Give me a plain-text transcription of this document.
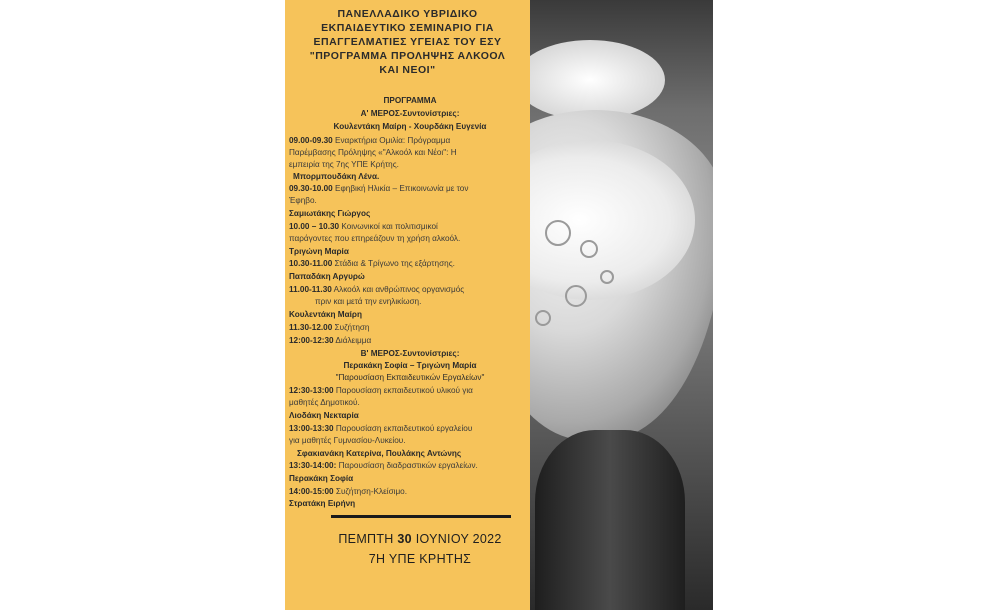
ΠΑΝΕΛΛΑΔΙΚΟ ΥΒΡΙΔΙΚΟ
ΕΚΠΑΙΔΕΥΤΙΚΟ ΣΕΜΙΝΑΡΙΟ ΓΙΑ
ΕΠΑΓΓΕΛΜΑΤΙΕΣ ΥΓΕΙΑΣ ΤΟΥ ΕΣΥ
"ΠΡΟΓΡΑΜΜΑ ΠΡΟΛΗΨΗΣ ΑΛΚΟΟΛ
ΚΑΙ ΝΕΟΙ"
ΠΡΟΓΡΑΜΜΑ
Α' ΜΕΡΟΣ-Συντονίστριες:
Κουλεντάκη Μαίρη - Χουρδάκη Ευγενία
09.00-09.30 Εναρκτήρια Ομιλία: Πρόγραμμα
Παρέμβασης Πρόληψης «"Αλκοόλ και Νέοι": Η
εμπειρία της 7ης ΥΠΕ Κρήτης.
Μπορμπουδάκη Λένα.
09.30-10.00 Εφηβική Ηλικία – Επικοινωνία με τον
Έφηβο.
Σαμιωτάκης Γιώργος
10.00 – 10.30 Κοινωνικοί και πολιτισμικοί
παράγοντες που επηρεάζουν τη χρήση αλκοόλ.
Τριγώνη Μαρία
10.30-11.00 Στάδια & Τρίγωνο της εξάρτησης.
Παπαδάκη Αργυρώ
11.00-11.30 Αλκοόλ και ανθρώπινος οργανισμός
πριν και μετά την ενηλικίωση.
Κουλεντάκη Μαίρη
11.30-12.00 Συζήτηση
12:00-12:30 Διάλειμμα
Β' ΜΕΡΟΣ-Συντονίστριες:
Περακάκη Σοφία – Τριγώνη Μαρία
"Παρουσίαση Εκπαιδευτικών Εργαλείων"
12:30-13:00 Παρουσίαση εκπαιδευτικού υλικού για
μαθητές Δημοτικού.
Λιοδάκη Νεκταρία
13:00-13:30 Παρουσίαση εκπαιδευτικού εργαλείου
για μαθητές Γυμνασίου-Λυκείου.
Σφακιανάκη Κατερίνα, Πουλάκης Αντώνης
13:30-14:00: Παρουσίαση διαδραστικών εργαλείων.
Περακάκη Σοφία
14:00-15:00 Συζήτηση-Κλείσιμο.
Στρατάκη Ειρήνη
ΠΕΜΠΤΗ 30 ΙΟΥΝΙΟΥ 2022
7Η ΥΠΕ ΚΡΗΤΗΣ
